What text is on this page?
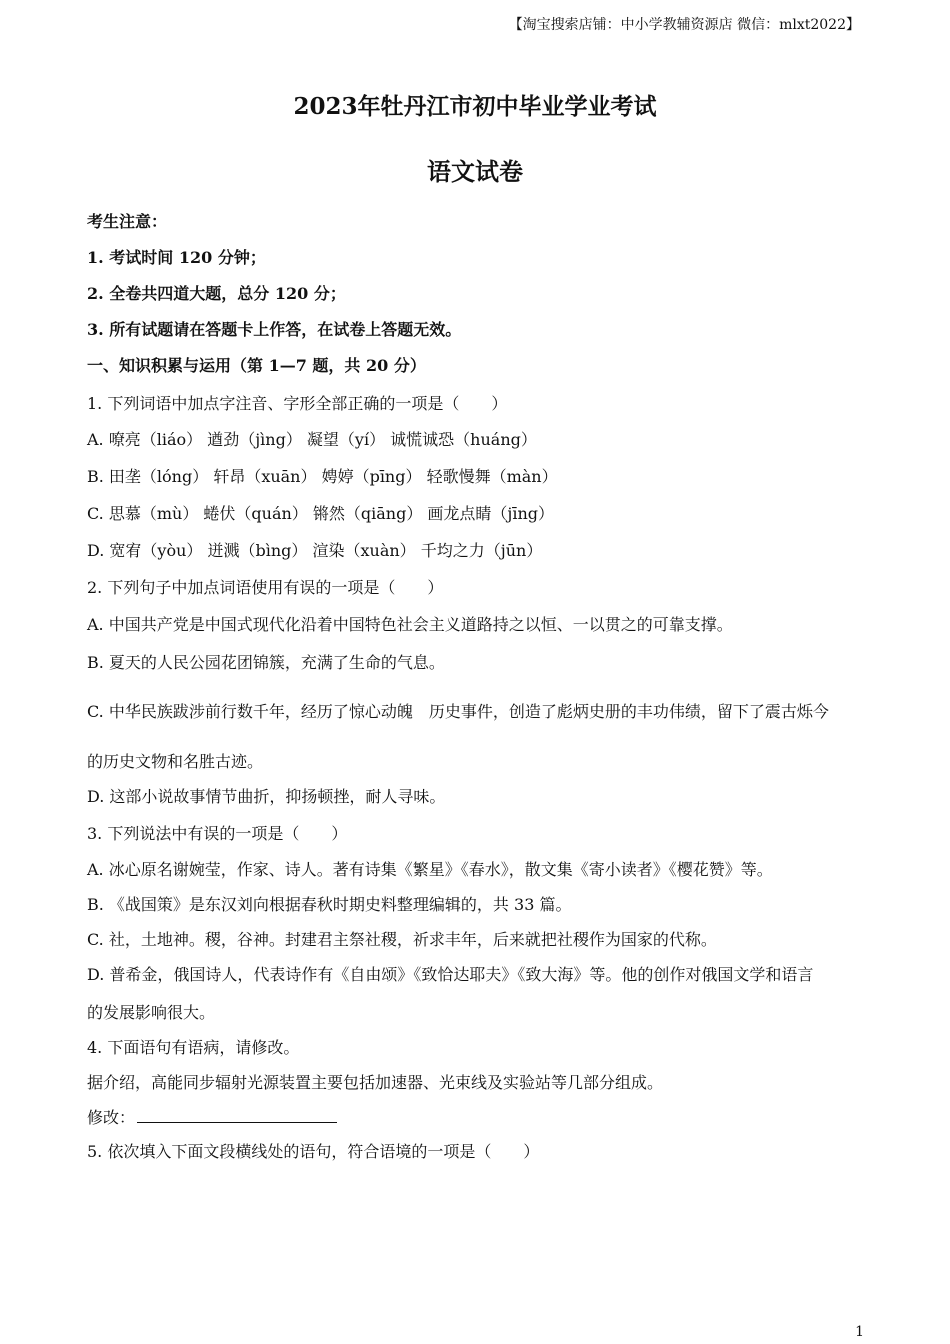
【淘宝搜索店铺：中小学教辅资源店 微信：mlxt2022】
2023年牡丹江市初中毕业学业考试
语文试卷
考生注意：
1. 考试时间 120 分钟；
2. 全卷共四道大题，总分 120 分；
3. 所有试题请在答题卡上作答，在试卷上答题无效。
一、知识积累与运用（第 1—7 题，共 20 分）
1. 下列词语中加点字注音、字形全部正确的一项是（　　）
A. 嘹亮（liáo） 遒劲（jìng） 凝望（yí） 诚慌诚恐（huáng）
B. 田垄（lóng） 轩昂（xuān） 娉婷（pīng） 轻歌慢舞（màn）
C. 思慕（mù） 蜷伏（quán） 锵然（qiāng） 画龙点睛（jīng）
D. 宽宥（yòu） 迸溅（bìng） 渲染（xuàn） 千均之力（jūn）
2. 下列句子中加点词语使用有误的一项是（　　）
A. 中国共产党是中国式现代化沿着中国特色社会主义道路持之以恒、一以贯之的可靠支撑。
B. 夏天的人民公园花团锦簇，充满了生命的气息。
C. 中华民族跋涉前行数千年，经历了惊心动魄　历史事件，创造了彪炳史册的丰功伟绩，留下了震古烁今
的历史文物和名胜古迹。
D. 这部小说故事情节曲折，抑扬顿挫，耐人寻味。
3. 下列说法中有误的一项是（　　）
A. 冰心原名谢婉莹，作家、诗人。著有诗集《繁星》《春水》，散文集《寄小读者》《樱花赞》等。
B. 《战国策》是东汉刘向根据春秋时期史料整理编辑的，共 33 篇。
C. 社，土地神。稷，谷神。封建君主祭社稷，祈求丰年，后来就把社稷作为国家的代称。
D. 普希金，俄国诗人，代表诗作有《自由颂》《致恰达耶夫》《致大海》等。他的创作对俄国文学和语言
的发展影响很大。
4. 下面语句有语病，请修改。
据介绍，高能同步辐射光源装置主要包括加速器、光束线及实验站等几部分组成。
修改：
5. 依次填入下面文段横线处的语句，符合语境的一项是（　　）
1
